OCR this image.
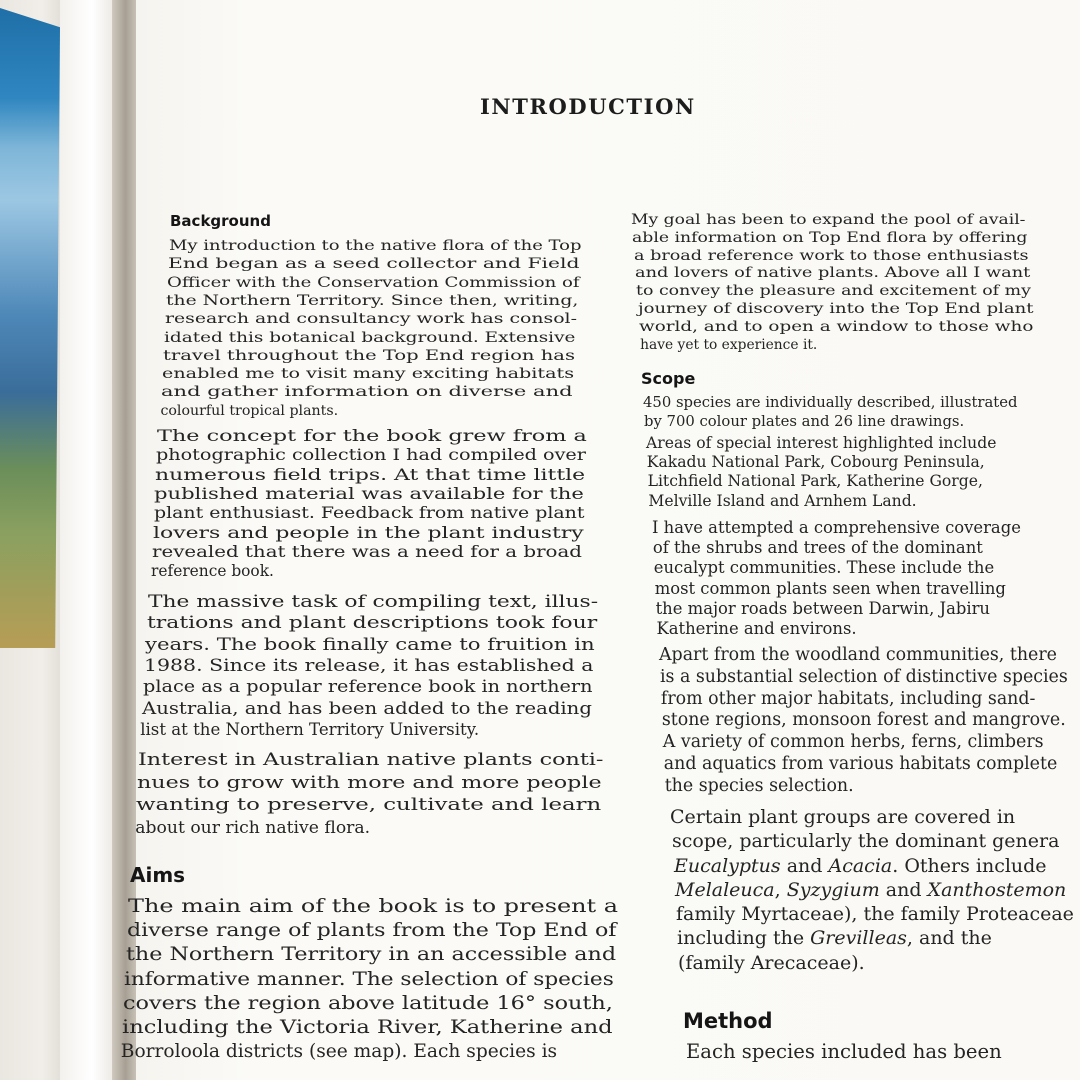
INTRODUCTION
Background
My introduction to the native flora of the Top
End began as a seed collector and Field
Officer with the Conservation Commission of
the Northern Territory. Since then, writing,
research and consultancy work has consol-
idated this botanical background. Extensive
travel throughout the Top End region has
enabled me to visit many exciting habitats
and gather information on diverse and
colourful tropical plants.
The concept for the book grew from a
photographic collection I had compiled over
numerous field trips. At that time little
published material was available for the
plant enthusiast. Feedback from native plant
lovers and people in the plant industry
revealed that there was a need for a broad
reference book.
The massive task of compiling text, illus-
trations and plant descriptions took four
years. The book finally came to fruition in
1988. Since its release, it has established a
place as a popular reference book in northern
Australia, and has been added to the reading
list at the Northern Territory University.
Interest in Australian native plants conti-
nues to grow with more and more people
wanting to preserve, cultivate and learn
about our rich native flora.
Aims
The main aim of the book is to present a
diverse range of plants from the Top End of
the Northern Territory in an accessible and
informative manner. The selection of species
covers the region above latitude 16° south,
including the Victoria River, Katherine and
Borroloola districts (see map). Each species is
My goal has been to expand the pool of avail-
able information on Top End flora by offering
a broad reference work to those enthusiasts
and lovers of native plants. Above all I want
to convey the pleasure and excitement of my
journey of discovery into the Top End plant
world, and to open a window to those who
have yet to experience it.
Scope
450 species are individually described, illustrated
by 700 colour plates and 26 line drawings.
Areas of special interest highlighted include
Kakadu National Park, Cobourg Peninsula,
Litchfield National Park, Katherine Gorge,
Melville Island and Arnhem Land.
I have attempted a comprehensive coverage
of the shrubs and trees of the dominant
eucalypt communities. These include the
most common plants seen when travelling
the major roads between Darwin, Jabiru
Katherine and environs.
Apart from the woodland communities, there
is a substantial selection of distinctive species
from other major habitats, including sand-
stone regions, monsoon forest and mangrove.
A variety of common herbs, ferns, climbers
and aquatics from various habitats complete
the species selection.
Certain plant groups are covered in
scope, particularly the dominant genera
Eucalyptus and Acacia. Others include
Melaleuca, Syzygium and Xanthostemon
family Myrtaceae), the family Proteaceae
including the Grevilleas, and the
(family Arecaceae).
Method
Each species included has been
